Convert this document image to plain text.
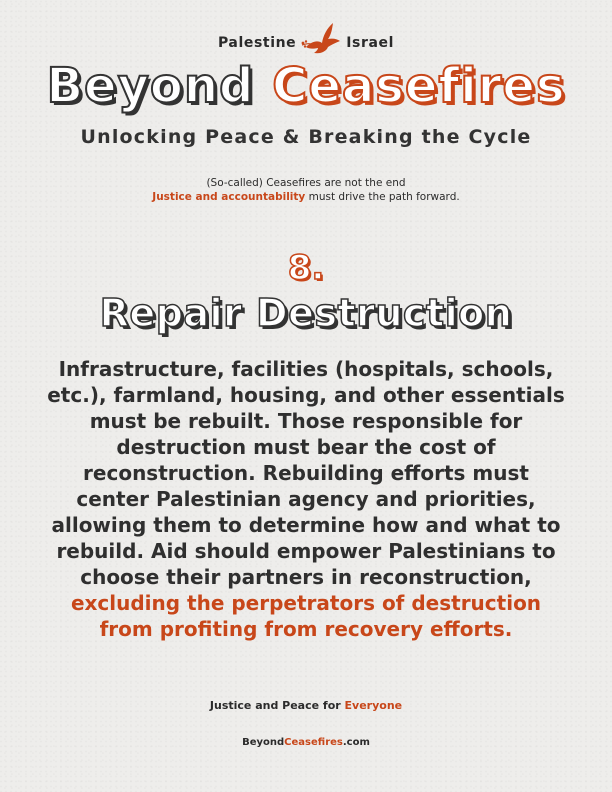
Palestine	Israel
Beyond Ceasefires
Unlocking Peace & Breaking the Cycle
(So-called) Ceasefires are not the end
Justice and accountability must drive the path forward.
8.
Repair Destruction
Infrastructure, facilities (hospitals, schools, etc.), farmland, housing, and other essentials must be rebuilt. Those responsible for destruction must bear the cost of reconstruction. Rebuilding efforts must center Palestinian agency and priorities, allowing them to determine how and what to rebuild. Aid should empower Palestinians to choose their partners in reconstruction, excluding the perpetrators of destruction from profiting from recovery efforts.
Justice and Peace for Everyone
BeyondCeasefires.com
